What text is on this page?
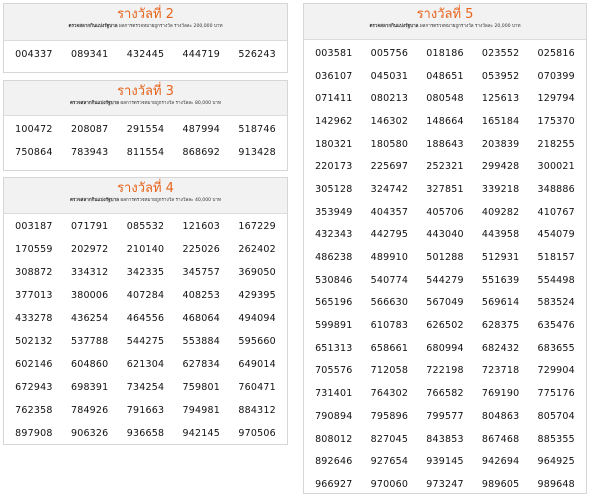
รางวัลที่ 2
ตรวจสลากกินแบ่งรัฐบาล ผลการตรวจหมายถูกรางวัล รางวัลละ 200,000 บาท
004337	089341	432445	444719	526243
รางวัลที่ 3
ตรวจสลากกินแบ่งรัฐบาล ผลการตรวจหมายถูกรางวัล รางวัลละ 80,000 บาท
100472	208087	291554	487994	518746
750864	783943	811554	868692	913428
รางวัลที่ 4
ตรวจสลากกินแบ่งรัฐบาล ผลการตรวจหมายถูกรางวัล รางวัลละ 40,000 บาท
003187	071791	085532	121603	167229
170559	202972	210140	225026	262402
308872	334312	342335	345757	369050
377013	380006	407284	408253	429395
433278	436254	464556	468064	494094
502132	537788	544275	553884	595660
602146	604860	621304	627834	649014
672943	698391	734254	759801	760471
762358	784926	791663	794981	884312
897908	906326	936658	942145	970506
รางวัลที่ 5
ตรวจสลากกินแบ่งรัฐบาล ผลการตรวจหมายถูกรางวัล รางวัลละ 20,000 บาท
003581	005756	018186	023552	025816
036107	045031	048651	053952	070399
071411	080213	080548	125613	129794
142962	146302	148664	165184	175370
180321	180580	188643	203839	218255
220173	225697	252321	299428	300021
305128	324742	327851	339218	348886
353949	404357	405706	409282	410767
432343	442795	443040	443958	454079
486238	489910	501288	512931	518157
530846	540774	544279	551639	554498
565196	566630	567049	569614	583524
599891	610783	626502	628375	635476
651313	658661	680994	682432	683655
705576	712058	722198	723718	729904
731401	764302	766582	769190	775176
790894	795896	799577	804863	805704
808012	827045	843853	867468	885355
892646	927654	939145	942694	964925
966927	970060	973247	989605	989648
